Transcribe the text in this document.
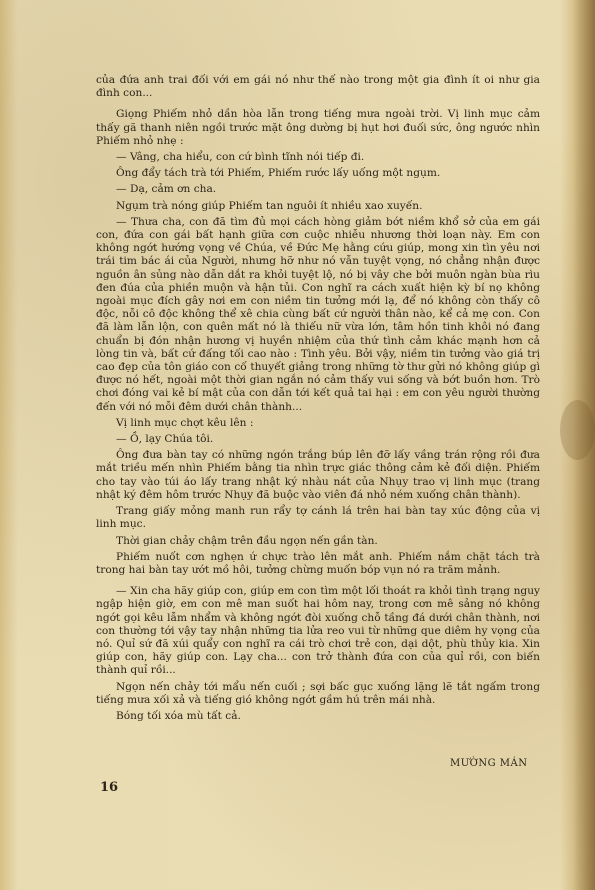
của đứa anh trai đối với em gái nó như thế nào trong một gia đình ít oi như gia đình con...

Giọng Phiếm nhỏ dần hòa lẫn trong tiếng mưa ngoài trời. Vị linh mục cảm thấy gã thanh niên ngồi trước mặt ông dường bị hụt hơi đuối sức, ông ngước nhìn Phiếm nhỏ nhẹ :

— Vâng, cha hiểu, con cứ bình tĩnh nói tiếp đi.

Ông đẩy tách trà tới Phiếm, Phiếm rước lấy uống một ngụm.

— Dạ, cảm ơn cha.

Ngụm trà nóng giúp Phiếm tan nguôi ít nhiều xao xuyến.

— Thưa cha, con đã tìm đủ mọi cách hòng giảm bớt niềm khổ sở của em gái con, đứa con gái bất hạnh giữa cơn cuộc nhiễu nhương thời loạn này. Em con không ngớt hướng vọng về Chúa, về Đức Mẹ hằng cứu giúp, mong xin tìn yêu nơi trái tim bác ái của Người, nhưng hỡ như nó vẫn tuyệt vọng, nó chẳng nhận được nguồn ân sủng nào dẫn dắt ra khỏi tuyệt lộ, nó bị vây che bởi muôn ngàn bùa rìu đen đúa của phiền muộn và hận tủi. Con nghĩ ra cách xuất hiện kỳ bí nọ không ngoài mục đích gây nơi em con niềm tin tưởng mới lạ, để nó không còn thấy cô độc, nỗi cô độc không thể xê chia cùng bất cứ người thân nào, kể cả mẹ con. Con đã làm lẫn lộn, con quên mất nó là thiếu nữ vừa lớn, tâm hồn tinh khôi nó đang chuẩn bị đón nhận hương vị huyền nhiệm của thứ tình cảm khác mạnh hơn cả lòng tin và, bất cứ đấng tối cao nào : Tình yêu. Bởi vậy, niềm tin tưởng vào giá trị cao đẹp của tôn giáo con cố thuyết giảng trong những tờ thư gửi nó không giúp gì được nó hết, ngoài một thời gian ngắn nó cảm thấy vui sống và bớt buồn hơn. Trò chơi đóng vai kẻ bí mật của con dẫn tới kết quả tai hại : em con yêu người thường đến với nó mỗi đêm dưới chân thành...

Vị linh mục chợt kêu lên :

— Ồ, lạy Chúa tôi.

Ông đưa bàn tay có những ngón trắng búp lên đỡ lấy vầng trán rộng rồi đưa mắt triều mến nhìn Phiếm bằng tia nhìn trực giác thông cảm kẻ đối diện. Phiếm cho tay vào túi áo lấy trang nhật ký nhàu nát của Nhụy trao vị linh mục (trang nhật ký đêm hôm trước Nhụy đã buộc vào viên đá nhỏ ném xuống chân thành).

Trang giấy mỏng manh run rẩy tợ cánh lá trên hai bàn tay xúc động của vị linh mục.

Thời gian chảy chậm trên đầu ngọn nến gần tàn.

Phiếm nuốt cơn nghẹn ứ chực trào lên mắt anh. Phiếm nắm chặt tách trà trong hai bàn tay ướt mồ hôi, tưởng chừng muốn bóp vụn nó ra trăm mảnh.

— Xin cha hãy giúp con, giúp em con tìm một lối thoát ra khỏi tình trạng nguy ngập hiện giờ, em con mê man suốt hai hôm nay, trong cơn mê sảng nó không ngớt gọi kêu lẫm nhẩm và không ngớt đòi xuống chỗ tầng đá dưới chân thành, nơi con thường tới vậy tay nhận những tia lửa reo vui từ những que diêm hy vọng của nó. Quỉ sứ đã xúi quẩy con nghĩ ra cái trò chơi trẻ con, dại dột, phù thủy kia. Xin giúp con, hãy giúp con. Lạy cha... con trở thành đứa con của quỉ rồi, con biến thành quỉ rồi...

Ngọn nến chảy tới mẩu nến cuối ; sợi bấc gục xuống lặng lẽ tắt ngấm trong tiếng mưa xối xả và tiếng gió không ngớt gầm hú trên mái nhà.

Bóng tối xóa mù tất cả.

MƯỜNG MÁN
16
